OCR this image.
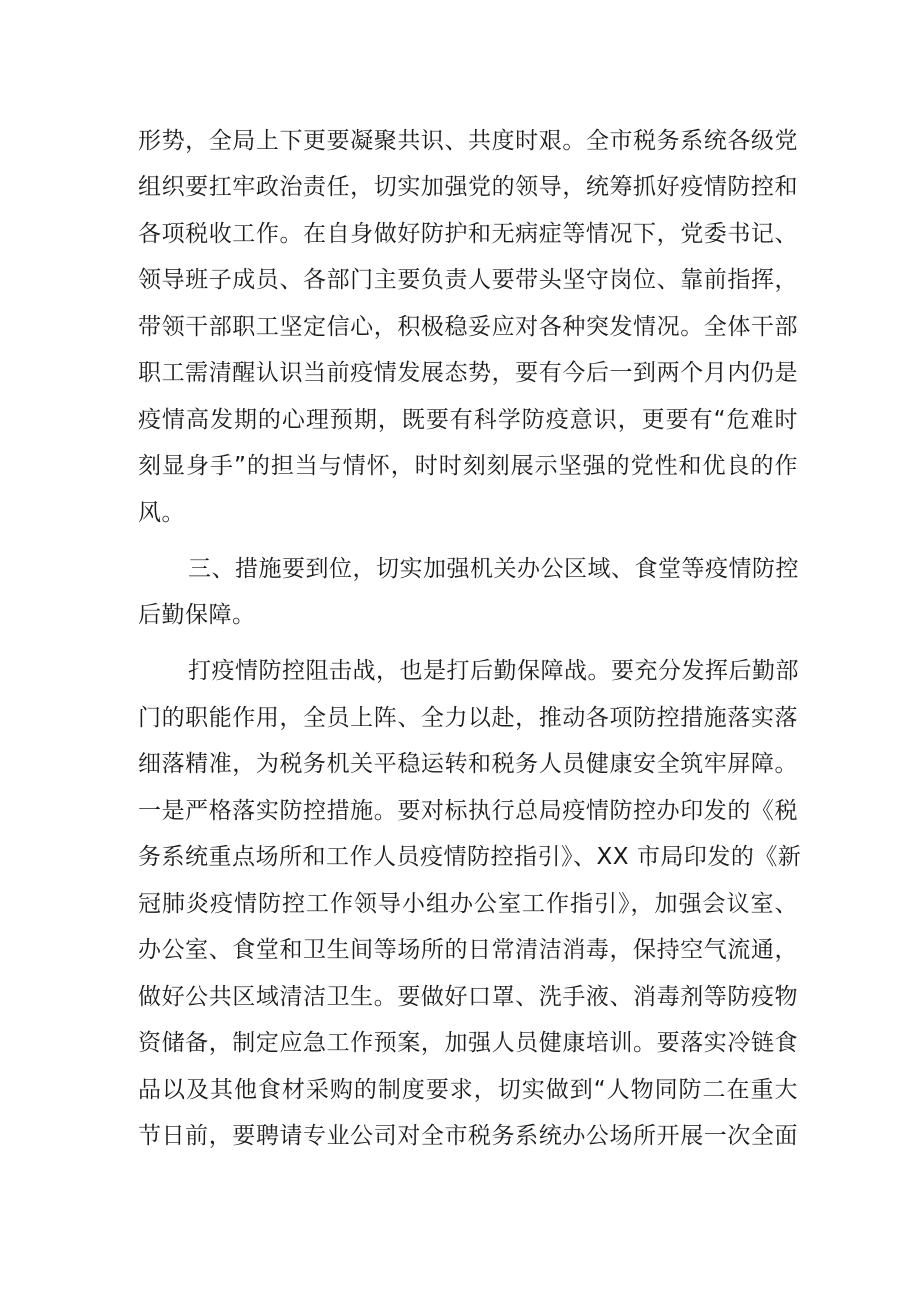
形势，全局上下更要凝聚共识、共度时艰。全市税务系统各级党
组织要扛牢政治责任，切实加强党的领导，统筹抓好疫情防控和
各项税收工作。在自身做好防护和无病症等情况下，党委书记、
领导班子成员、各部门主要负责人要带头坚守岗位、靠前指挥，
带领干部职工坚定信心，积极稳妥应对各种突发情况。全体干部
职工需清醒认识当前疫情发展态势，要有今后一到两个月内仍是
疫情高发期的心理预期，既要有科学防疫意识，更要有“危难时
刻显身手”的担当与情怀，时时刻刻展示坚强的党性和优良的作
风。
三、措施要到位，切实加强机关办公区域、食堂等疫情防控
后勤保障。
打疫情防控阻击战，也是打后勤保障战。要充分发挥后勤部
门的职能作用，全员上阵、全力以赴，推动各项防控措施落实落
细落精准，为税务机关平稳运转和税务人员健康安全筑牢屏障。
一是严格落实防控措施。要对标执行总局疫情防控办印发的《税
务系统重点场所和工作人员疫情防控指引》、XX 市局印发的《新
冠肺炎疫情防控工作领导小组办公室工作指引》，加强会议室、
办公室、食堂和卫生间等场所的日常清洁消毒，保持空气流通，
做好公共区域清洁卫生。要做好口罩、洗手液、消毒剂等防疫物
资储备，制定应急工作预案，加强人员健康培训。要落实冷链食
品以及其他食材采购的制度要求，切实做到“人物同防二在重大
节日前，要聘请专业公司对全市税务系统办公场所开展一次全面
